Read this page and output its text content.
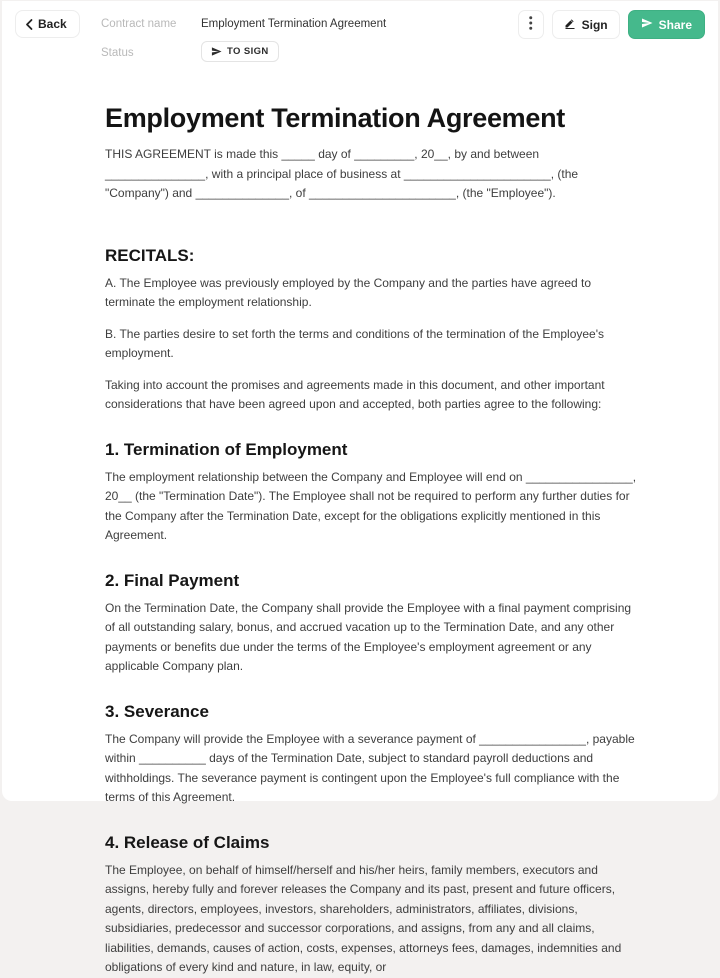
Back	Contract name Employment Termination Agreement
Status	TO SIGN
Sign	Share
Employment Termination Agreement

THIS AGREEMENT is made this _____ day of _________, 20__, by and between _______________, with a principal place of business at ______________________, (the "Company") and ______________, of ______________________, (the "Employee").

RECITALS:

A. The Employee was previously employed by the Company and the parties have agreed to terminate the employment relationship.

B. The parties desire to set forth the terms and conditions of the termination of the Employee's employment.

Taking into account the promises and agreements made in this document, and other important considerations that have been agreed upon and accepted, both parties agree to the following:

1. Termination of Employment

The employment relationship between the Company and Employee will end on ________________, 20__ (the "Termination Date"). The Employee shall not be required to perform any further duties for the Company after the Termination Date, except for the obligations explicitly mentioned in this Agreement.

2. Final Payment

On the Termination Date, the Company shall provide the Employee with a final payment comprising of all outstanding salary, bonus, and accrued vacation up to the Termination Date, and any other payments or benefits due under the terms of the Employee's employment agreement or any applicable Company plan.

3. Severance

The Company will provide the Employee with a severance payment of ________________, payable within __________ days of the Termination Date, subject to standard payroll deductions and withholdings. The severance payment is contingent upon the Employee's full compliance with the terms of this Agreement.

4. Release of Claims

The Employee, on behalf of himself/herself and his/her heirs, family members, executors and assigns, hereby fully and forever releases the Company and its past, present and future officers, agents, directors, employees, investors, shareholders, administrators, affiliates, divisions, subsidiaries, predecessor and successor corporations, and assigns, from any and all claims, liabilities, demands, causes of action, costs, expenses, attorneys fees, damages, indemnities and obligations of every kind and nature, in law, equity, or
